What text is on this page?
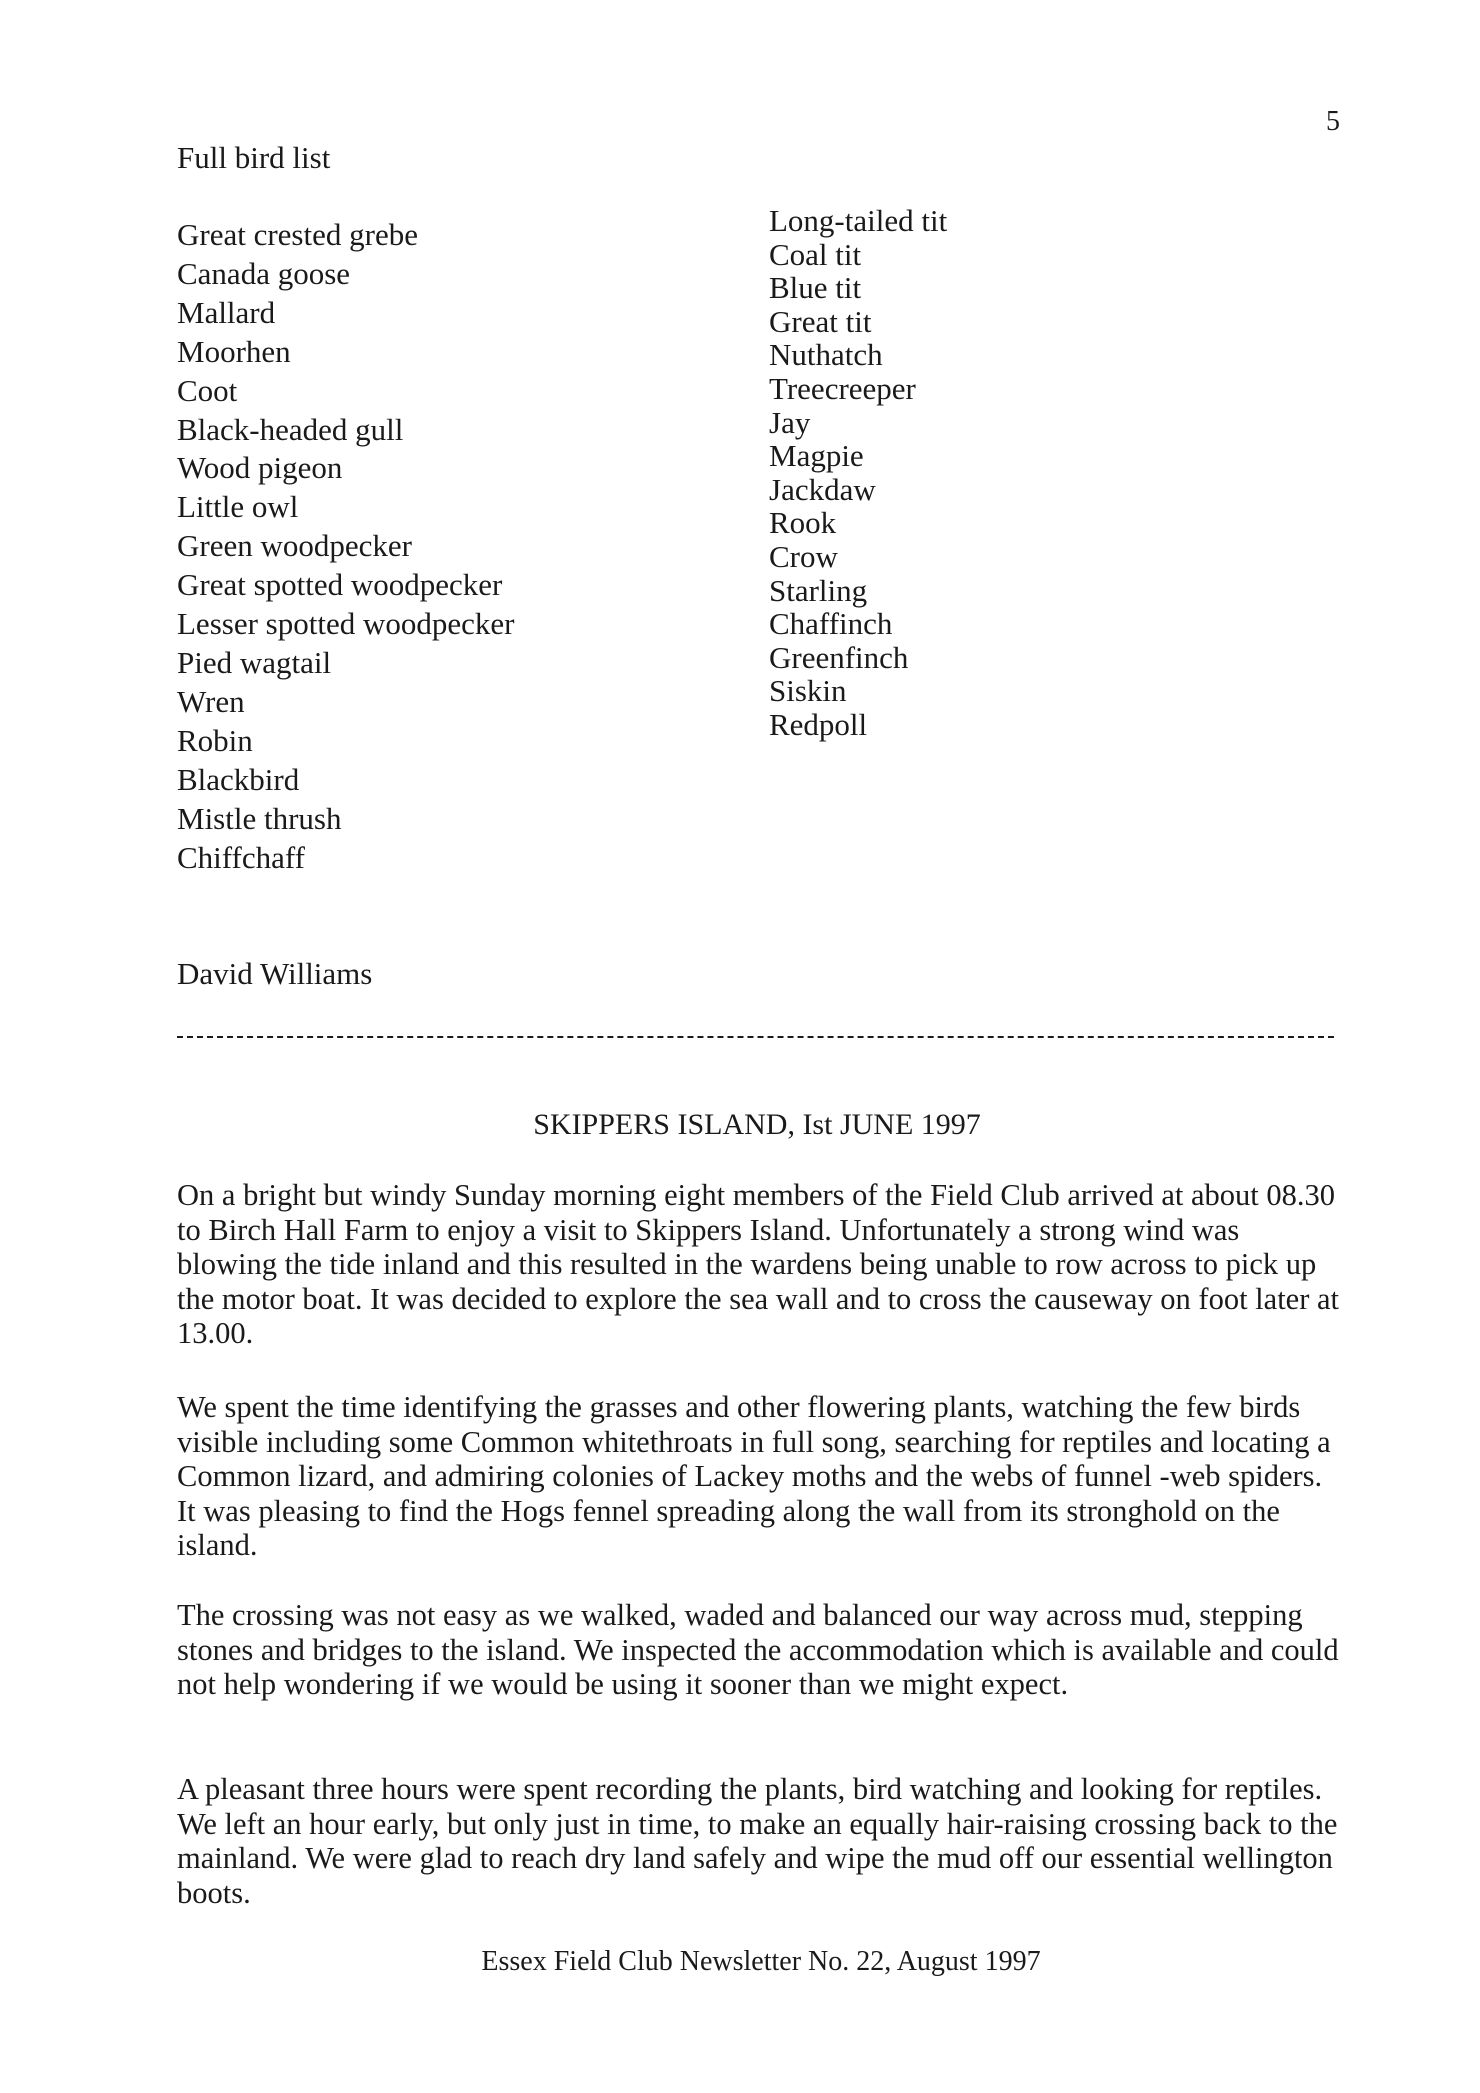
5
Full bird list
Great crested grebe
Canada goose
Mallard
Moorhen
Coot
Black-headed gull
Wood pigeon
Little owl
Green woodpecker
Great spotted woodpecker
Lesser spotted woodpecker
Pied wagtail
Wren
Robin
Blackbird
Mistle thrush
Chiffchaff
Long-tailed tit
Coal tit
Blue tit
Great tit
Nuthatch
Treecreeper
Jay
Magpie
Jackdaw
Rook
Crow
Starling
Chaffinch
Greenfinch
Siskin
Redpoll
David Williams
SKIPPERS ISLAND, Ist JUNE 1997

On a bright but windy Sunday morning eight members of the Field Club arrived at about 08.30 to Birch Hall Farm to enjoy a visit to Skippers Island. Unfortunately a strong wind was blowing the tide inland and this resulted in the wardens being unable to row across to pick up the motor boat. It was decided to explore the sea wall and to cross the causeway on foot later at 13.00.

We spent the time identifying the grasses and other flowering plants, watching the few birds visible including some Common whitethroats in full song, searching for reptiles and locating a Common lizard, and admiring colonies of Lackey moths and the webs of funnel -web spiders. It was pleasing to find the Hogs fennel spreading along the wall from its stronghold on the island.

The crossing was not easy as we walked, waded and balanced our way across mud, stepping stones and bridges to the island. We inspected the accommodation which is available and could not help wondering if we would be using it sooner than we might expect.

A pleasant three hours were spent recording the plants, bird watching and looking for reptiles. We left an hour early, but only just in time, to make an equally hair-raising crossing back to the mainland. We were glad to reach dry land safely and wipe the mud off our essential wellington boots.

Essex Field Club Newsletter No. 22, August 1997
